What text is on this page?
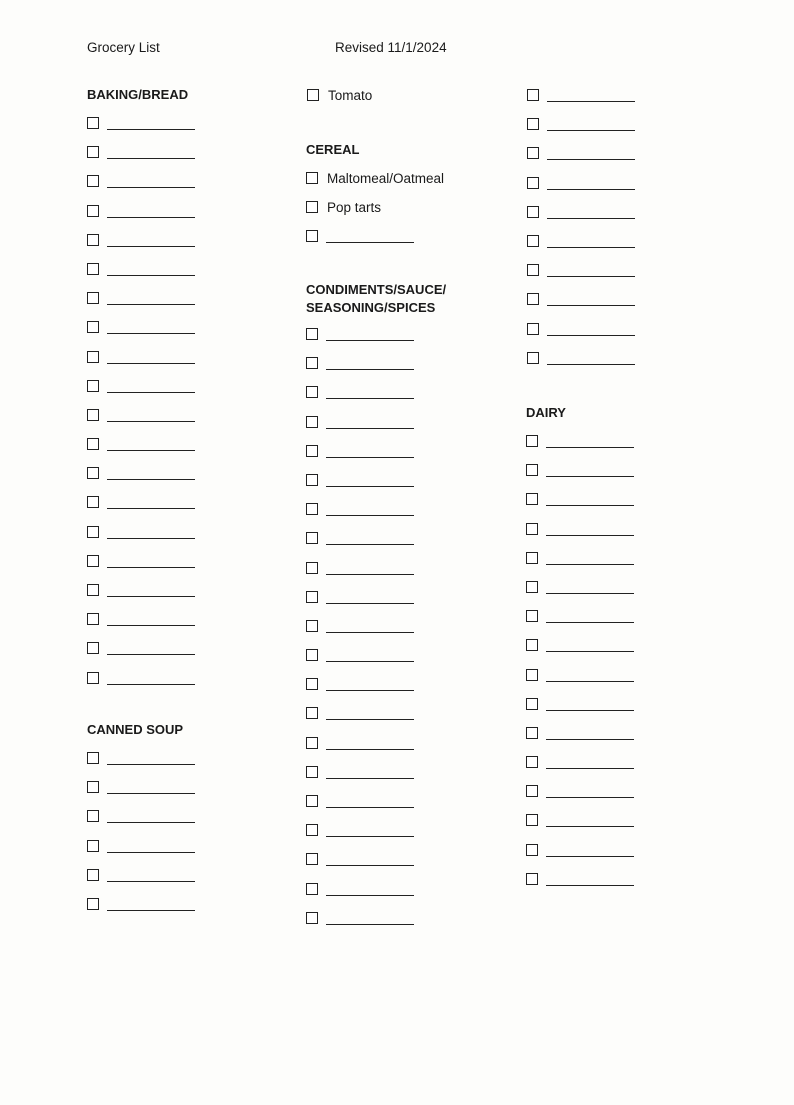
Grocery List	Revised 11/1/2024
BAKING/BREAD
CANNED SOUP
Tomato
CEREAL
Maltomeal/Oatmeal
Pop tarts
CONDIMENTS/SAUCE/
SEASONING/SPICES
DAIRY
